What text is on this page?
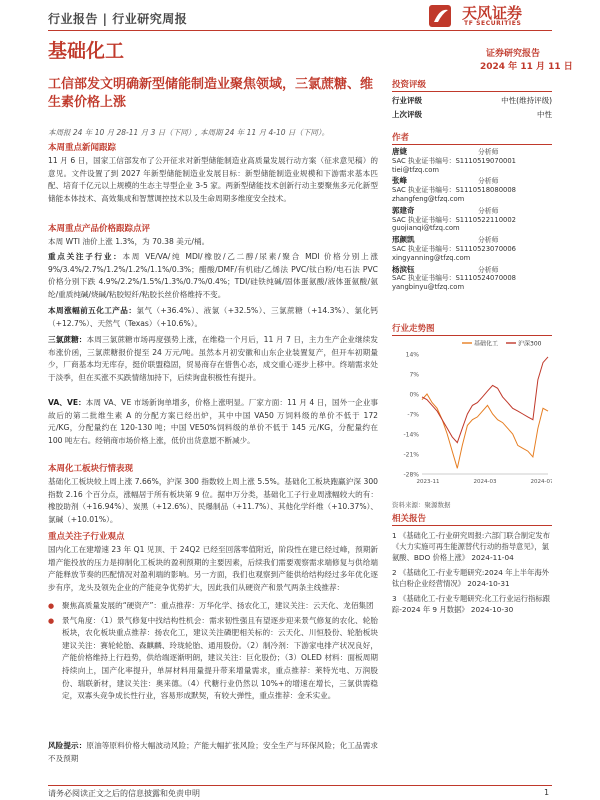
行业报告 | 行业研究周报	天风证券
TF SECURITIES
基础化工	证券研究报告
2024 年 11 月 11 日
工信部发文明确新型储能制造业聚焦领域，三氯蔗糖、维生素价格上涨
本周报 24 年 10 月 28-11 月 3 日（下同）, 本周期 24 年 11 月 4-10 日（下同）。
本周重点新闻跟踪
11 月 6 日，国家工信部发布了公开征求对新型储能制造业高质量发展行动方案（征求意见稿）的意见。文件设置了到 2027 年新型储能制造业发展目标：新型储能制造业规模和下游需求基本匹配、培育千亿元以上规模的生态主导型企业 3-5 家。两新型储能技术创新行动主要聚焦多元化新型储能本体技术、高效集成和智慧调控技术以及生命周期多维度安全技术。
本周重点产品价格跟踪点评
本周 WTI 油价上涨 1.3%，为 70.38 美元/桶。
重点关注子行业：本周 VE/VA/纯 MDI/橡胶/乙二醇/尿素/聚合 MDI 价格分别上涨 9%/3.4%/2.7%/1.2%/1.2%/1.1%/0.3%；醋酸/DMF/有机硅/乙烯法 PVC/钛白粉/电石法 PVC 价格分别下跌 4.9%/2.2%/1.5%/1.3%/0.7%/0.4%；TDI/硅铁纯碱/固体蛋氨酸/液体蛋氨酸/氨纶/重质纯碱/烧碱/粘胶短纤/粘胶长丝价格维持不变。
本周涨幅前五化工产品：氯气（+36.4%）、液氯（+32.5%）、三氯蔗糖（+14.3%）、氯化钙（+12.7%）、天然气（Texas）（+10.6%）。
三氯蔗糖：本周三氯蔗糖市场再度强势上涨，在维稳一个月后，11 月 7 日，主力生产企业继续发布涨价函，三氯蔗糖报价提至 24 万元/吨。虽然本月初安徽和山东企业装置复产，但开车初期量少，厂商基本均无库存，挺价联盟稳固，贸易商存在惜售心态，成交重心逐步上移中。终端需求处于淡季，但在买涨不买跌情绪加持下，后续询盘积极性有提升。
VA、VE：本周 VA、VE 市场新询单增多，价格上涨明显。厂家方面：11 月 4 日，国外一企业事故后的第二批维生素 A 的分配方案已经出炉，其中中国 VA50 万饲料级的单价不低于 172 元/KG，分配量约在 120-130 吨；中国 VE50%饲料级的单价不低于 145 元/KG，分配量约在 100 吨左右。经销商市场价格上涨，低价出货意愿不断减少。
本周化工板块行情表现
基础化工板块较上周上涨 7.66%，沪深 300 指数较上周上涨 5.5%。基础化工板块跑赢沪深 300 指数 2.16 个百分点，涨幅居于所有板块第 9 位。据申万分类，基础化工子行业周涨幅较大的有：橡胶助剂（+16.94%）、炭黑（+12.6%）、民爆制品（+11.7%）、其他化学纤维（+10.37%）、氯碱（+10.01%）。
重点关注子行业观点
国内化工在建增速 23 年 Q1 见顶、于 24Q2 已经至回落零值附近，阶段性在建已经过峰，预期新增产能投放的压力是抑制化工板块的盈利预期的主要因素，后续我们需要观察需求端修复与供给端产能释放节奏的匹配情况对盈利端的影响。另一方面，我们也观察到产能供给结构经过多年优化逐步有序，龙头及领先企业的产能竞争优势扩大，因此我们从硬资产和景气两条主线推荐：
●	聚焦高质量发展的“硬资产”：重点推荐：万华化学、扬农化工，建议关注：云天化、龙佰集团
●	景气角度：（1）景气修复中找结构性机会：需求韧性强且有望逐步迎来景气修复的农化、轮胎板块，农化板块重点推荐：扬农化工，建议关注磷肥相关标的：云天化、川恒股份、轮胎板块建议关注：赛轮轮胎、森麒麟、玲珑轮胎、通用股份。（2）制冷剂：下游家电排产状况良好，产能价格维持上行趋势，供给端逐渐明朗，建议关注：巨化股份；（3）OLED 材料：面板周期持续向上，国产化率提升，单屏材料用量提升带来增量需求，重点推荐：莱特光电、万润股份、瑞联新材，建议关注：奥来德。（4）代糖行业仍然以 10%+的增速在增长，三氯供需稳定，双寡头竞争成长性行业，容易形成默契，有较大弹性，重点推荐：金禾实业。
风险提示：原油等原料价格大幅波动风险；产能大幅扩张风险；安全生产与环保风险；化工品需求不及预期
投资评级
行业评级	中性(维持评级)
上次评级	中性
作者
唐婕	分析师
SAC 执业证书编号：S1110519070001
tiei@tfzq.com
张峰	分析师
SAC 执业证书编号：S1110518080008
zhangfeng@tfzq.com
郭建奇	分析师
SAC 执业证书编号：S1110522110002
guojianqi@tfzq.com
邢颜凯	分析师
SAC 执业证书编号：S1110523070006
xingyanning@tfzq.com
杨滨钰	分析师
SAC 执业证书编号：S1110524070008
yangbinyu@tfzq.com
行业走势图
14%
7%
0%
-7%
-14%
-21%
-28%
2023-11	2024-03	2024-07
基础化工	沪深300
资料来源：聚源数据
相关报告
1 《基础化工-行业研究周报:六部门联合制定发布《大力实施可再生能源替代行动的指导意见》，氯氨酸、BDO 价格上涨》 2024-11-04
2 《基础化工-行业专题研究:2024 年上半年海外钛白粉企业经营情况》 2024-10-31
3 《基础化工-行业专题研究:化工行业运行指标跟踪-2024 年 9 月数据》 2024-10-30
请务必阅读正文之后的信息披露和免责申明	1
